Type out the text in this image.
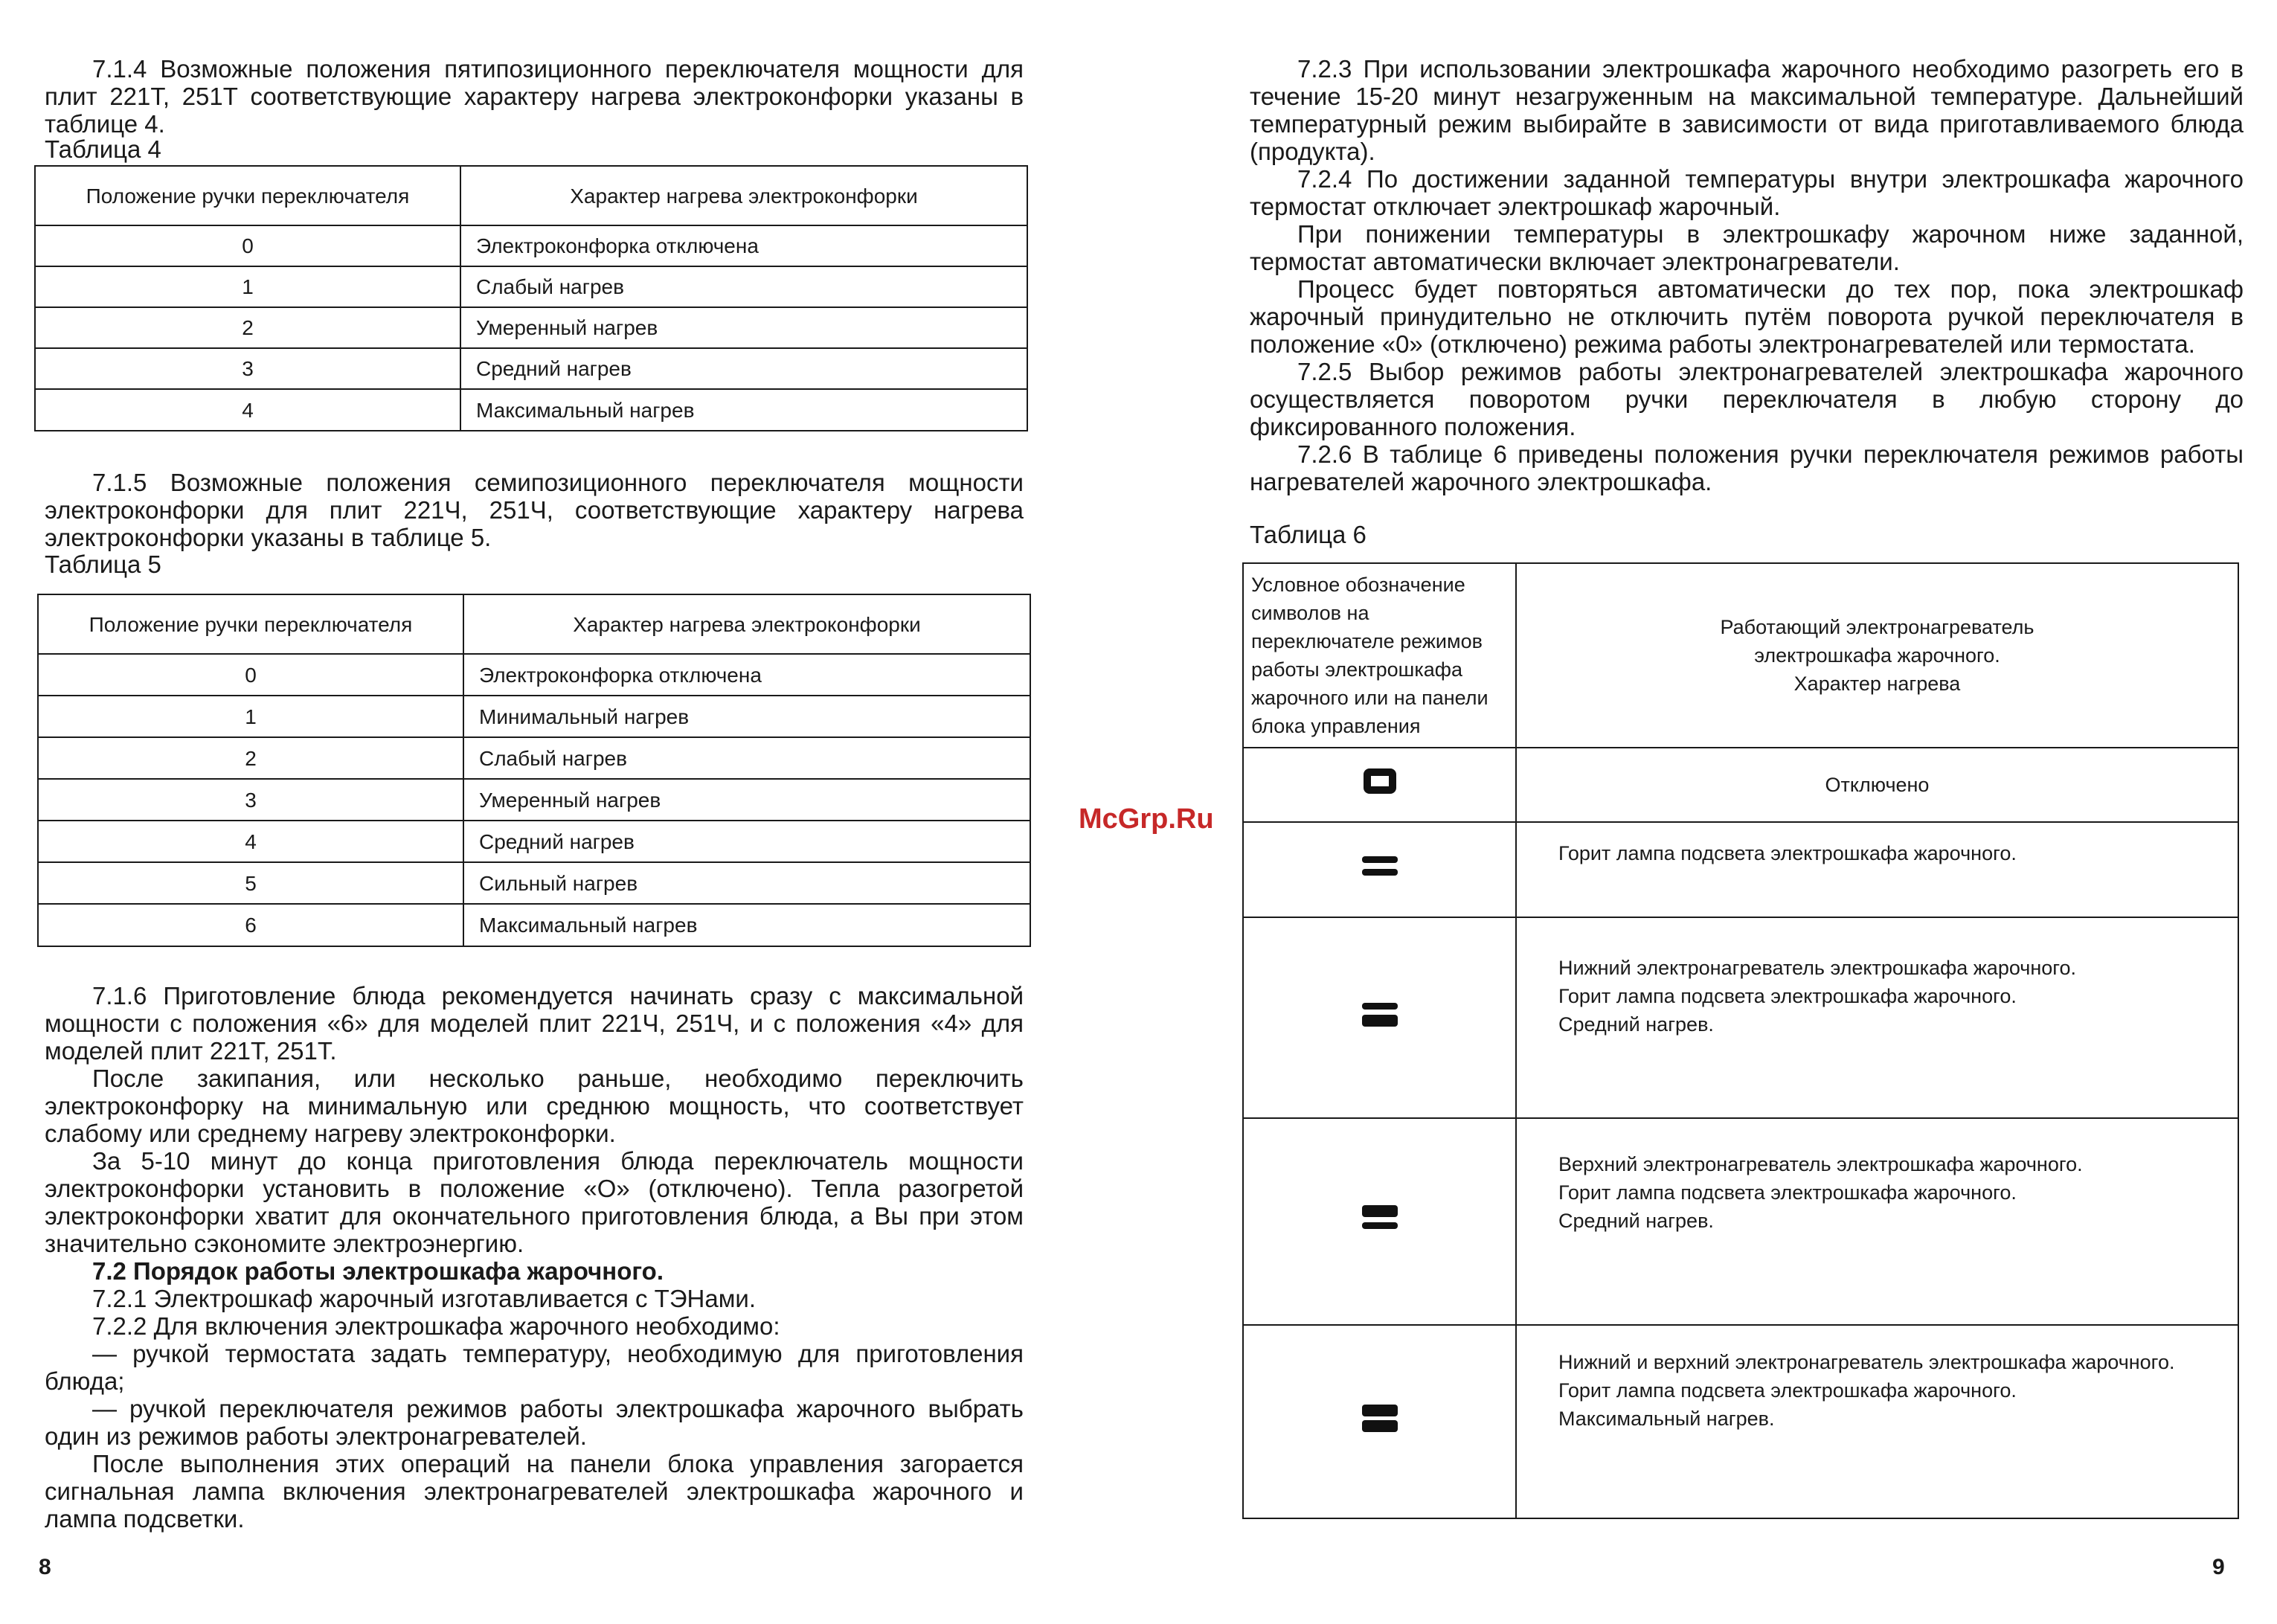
7.1.4 Возможные положения пятипозиционного переключателя мощности для плит 221Т, 251Т соответствующие характеру нагрева электроконфорки указаны в таблице 4.

Таблица 4
Положение ручки переключателя	Характер нагрева электроконфорки
0	Электроконфорка отключена
1	Слабый нагрев
2	Умеренный нагрев
3	Средний нагрев
4	Максимальный нагрев

7.1.5 Возможные положения семипозиционного переключателя мощности электроконфорки для плит 221Ч, 251Ч, соответствующие характеру нагрева электроконфорки указаны в таблице 5.

Таблица 5
Положение ручки переключателя	Характер нагрева электроконфорки
0	Электроконфорка отключена
1	Минимальный нагрев
2	Слабый нагрев
3	Умеренный нагрев
4	Средний нагрев
5	Сильный нагрев
6	Максимальный нагрев

7.1.6 Приготовление блюда рекомендуется начинать сразу с максимальной мощности с положения «6» для моделей плит 221Ч, 251Ч, и с положения «4» для моделей плит 221Т, 251Т.

После закипания, или несколько раньше, необходимо переключить электроконфорку на минимальную или среднюю мощность, что соответствует слабому или среднему нагреву электроконфорки.

За 5-10 минут до конца приготовления блюда переключатель мощности электроконфорки установить в положение «О» (отключено). Тепла разогретой электроконфорки хватит для окончательного приготовления блюда, а Вы при этом значительно сэкономите электроэнергию.

7.2 Порядок работы электрошкафа жарочного.

7.2.1 Электрошкаф жарочный изготавливается с ТЭНами.

7.2.2 Для включения электрошкафа жарочного необходимо:

— ручкой термостата задать температуру, необходимую для приготовления блюда;

— ручкой переключателя режимов работы электрошкафа жарочного выбрать один из режимов работы электронагревателей.

После выполнения этих операций на панели блока управления загорается сигнальная лампа включения электронагревателей электрошкафа жарочного и лампа подсветки.

8
McGrp.Ru

7.2.3 При использовании электрошкафа жарочного необходимо разогреть его в течение 15-20 минут незагруженным на максимальной температуре. Дальнейший температурный режим выбирайте в зависимости от вида приготавливаемого блюда (продукта).

7.2.4 По достижении заданной температуры внутри электрошкафа жарочного термостат отключает электрошкаф жарочный.

При понижении температуры в электрошкафу жарочном ниже заданной, термостат автоматически включает электронагреватели.

Процесс будет повторяться автоматически до тех пор, пока электрошкаф жарочный принудительно не отключить путём поворота ручкой переключателя в положение «0» (отключено) режима работы электронагревателей или термостата.

7.2.5 Выбор режимов работы электронагревателей электрошкафа жарочного осуществляется поворотом ручки переключателя в любую сторону до фиксированного положения.

7.2.6 В таблице 6 приведены положения ручки переключателя режимов работы нагревателей жарочного электрошкафа.

Таблица 6
Условное обозначение символов на переключателе режимов работы электрошкафа жарочного или на панели блока управления	Работающий электронагреватель
электрошкафа жарочного.
Характер нагрева

	Отключено

	Горит лампа подсвета электрошкафа жарочного.

	Нижний электронагреватель электрошкафа жарочного.
Горит лампа подсвета электрошкафа жарочного.
Средний нагрев.

	Верхний электронагреватель электрошкафа жарочного.
Горит лампа подсвета электрошкафа жарочного.
Средний нагрев.

	Нижний и верхний электронагреватель электрошкафа жарочного.
Горит лампа подсвета электрошкафа жарочного.
Максимальный нагрев.
9
